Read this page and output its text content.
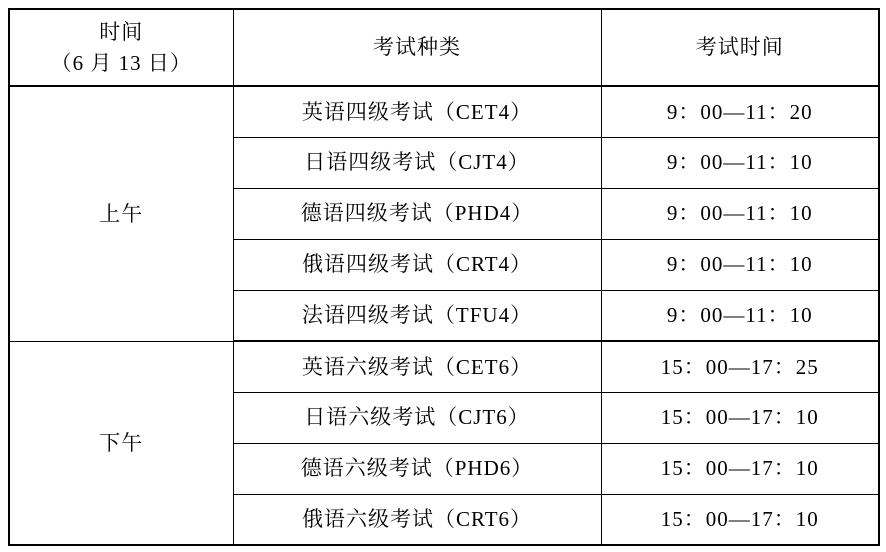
时间
（6 月 13 日）	考试种类	考试时间
上午	英语四级考试（CET4）	9：00—11：20
	日语四级考试（CJT4）	9：00—11：10
	德语四级考试（PHD4）	9：00—11：10
	俄语四级考试（CRT4）	9：00—11：10
	法语四级考试（TFU4）	9：00—11：10
下午	英语六级考试（CET6）	15：00—17：25
	日语六级考试（CJT6）	15：00—17：10
	德语六级考试（PHD6）	15：00—17：10
	俄语六级考试（CRT6）	15：00—17：10
